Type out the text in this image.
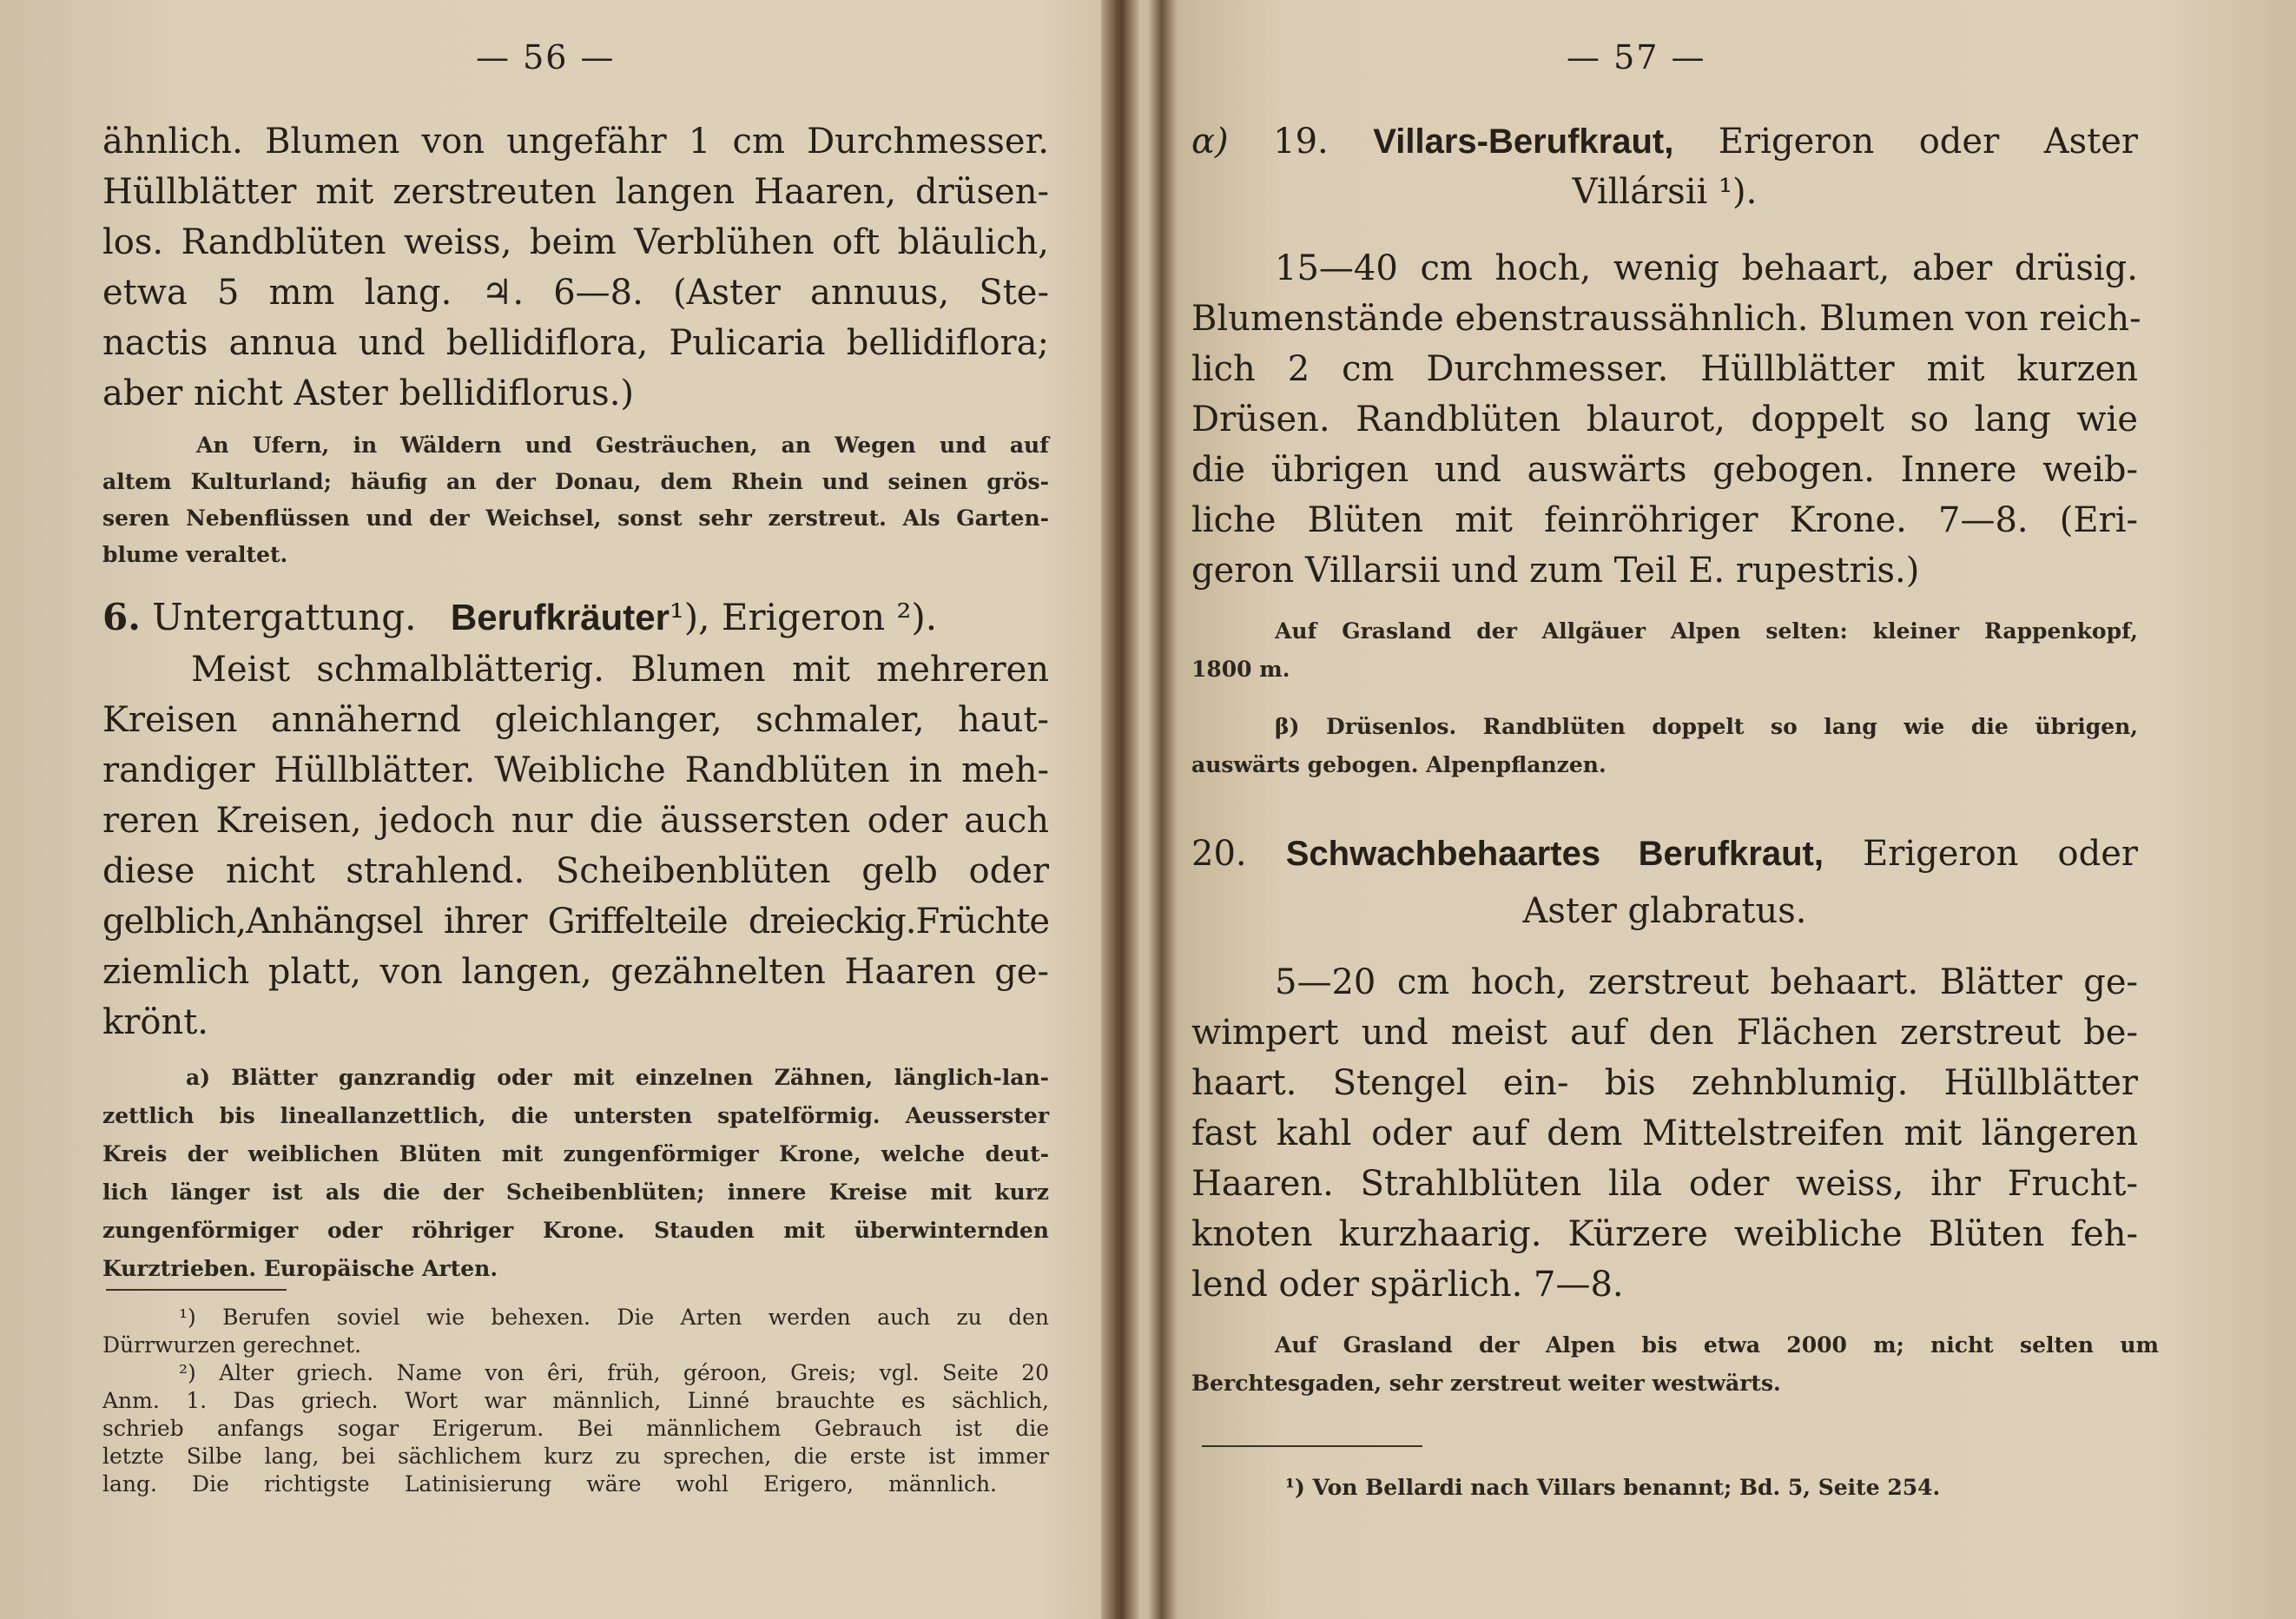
— 56 —
ähnlich. Blumen von ungefähr 1 cm Durchmesser.
Hüllblätter mit zerstreuten langen Haaren, drüsen-
los. Randblüten weiss, beim Verblühen oft bläulich,
etwa 5 mm lang. ♃. 6—8. (Aster annuus, Ste-
nactis annua und bellidiflora, Pulicaria bellidiflora;
aber nicht Aster bellidiflorus.)
An Ufern, in Wäldern und Gesträuchen, an Wegen und auf
altem Kulturland; häufig an der Donau, dem Rhein und seinen grös-
seren Nebenflüssen und der Weichsel, sonst sehr zerstreut. Als Garten-
blume veraltet.
6. Untergattung. Berufkräuter¹), Erigeron ²).
Meist schmalblätterig. Blumen mit mehreren
Kreisen annähernd gleichlanger, schmaler, haut-
randiger Hüllblätter. Weibliche Randblüten in meh-
reren Kreisen, jedoch nur die äussersten oder auch
diese nicht strahlend. Scheibenblüten gelb oder
gelblich,Anhängsel ihrer Griffelteile dreieckig.Früchte
ziemlich platt, von langen, gezähnelten Haaren ge-
krönt.
a) Blätter ganzrandig oder mit einzelnen Zähnen, länglich-lan-
zettlich bis lineallanzettlich, die untersten spatelförmig. Aeusserster
Kreis der weiblichen Blüten mit zungenförmiger Krone, welche deut-
lich länger ist als die der Scheibenblüten; innere Kreise mit kurz
zungenförmiger oder röhriger Krone. Stauden mit überwinternden
Kurztrieben. Europäische Arten.
¹) Berufen soviel wie behexen. Die Arten werden auch zu den
Dürrwurzen gerechnet.
²) Alter griech. Name von êri, früh, géroon, Greis; vgl. Seite 20
Anm. 1. Das griech. Wort war männlich, Linné brauchte es sächlich,
schrieb anfangs sogar Erigerum. Bei männlichem Gebrauch ist die
letzte Silbe lang, bei sächlichem kurz zu sprechen, die erste ist immer
lang. Die richtigste Latinisierung wäre wohl Erigero, männlich.
— 57 —
α) 19. Villars-Berufkraut, Erigeron oder Aster
Villársii ¹).
15—40 cm hoch, wenig behaart, aber drüsig.
Blumenstände ebenstraussähnlich. Blumen von reich-
lich 2 cm Durchmesser. Hüllblätter mit kurzen
Drüsen. Randblüten blaurot, doppelt so lang wie
die übrigen und auswärts gebogen. Innere weib-
liche Blüten mit feinröhriger Krone. 7—8. (Eri-
geron Villarsii und zum Teil E. rupestris.)
Auf Grasland der Allgäuer Alpen selten: kleiner Rappenkopf,
1800 m.
β) Drüsenlos. Randblüten doppelt so lang wie die übrigen,
auswärts gebogen. Alpenpflanzen.
20. Schwachbehaartes Berufkraut, Erigeron oder
Aster glabratus.
5—20 cm hoch, zerstreut behaart. Blätter ge-
wimpert und meist auf den Flächen zerstreut be-
haart. Stengel ein- bis zehnblumig. Hüllblätter
fast kahl oder auf dem Mittelstreifen mit längeren
Haaren. Strahlblüten lila oder weiss, ihr Frucht-
knoten kurzhaarig. Kürzere weibliche Blüten feh-
lend oder spärlich. 7—8.
Auf Grasland der Alpen bis etwa 2000 m; nicht selten um
Berchtesgaden, sehr zerstreut weiter westwärts.
¹) Von Bellardi nach Villars benannt; Bd. 5, Seite 254.
